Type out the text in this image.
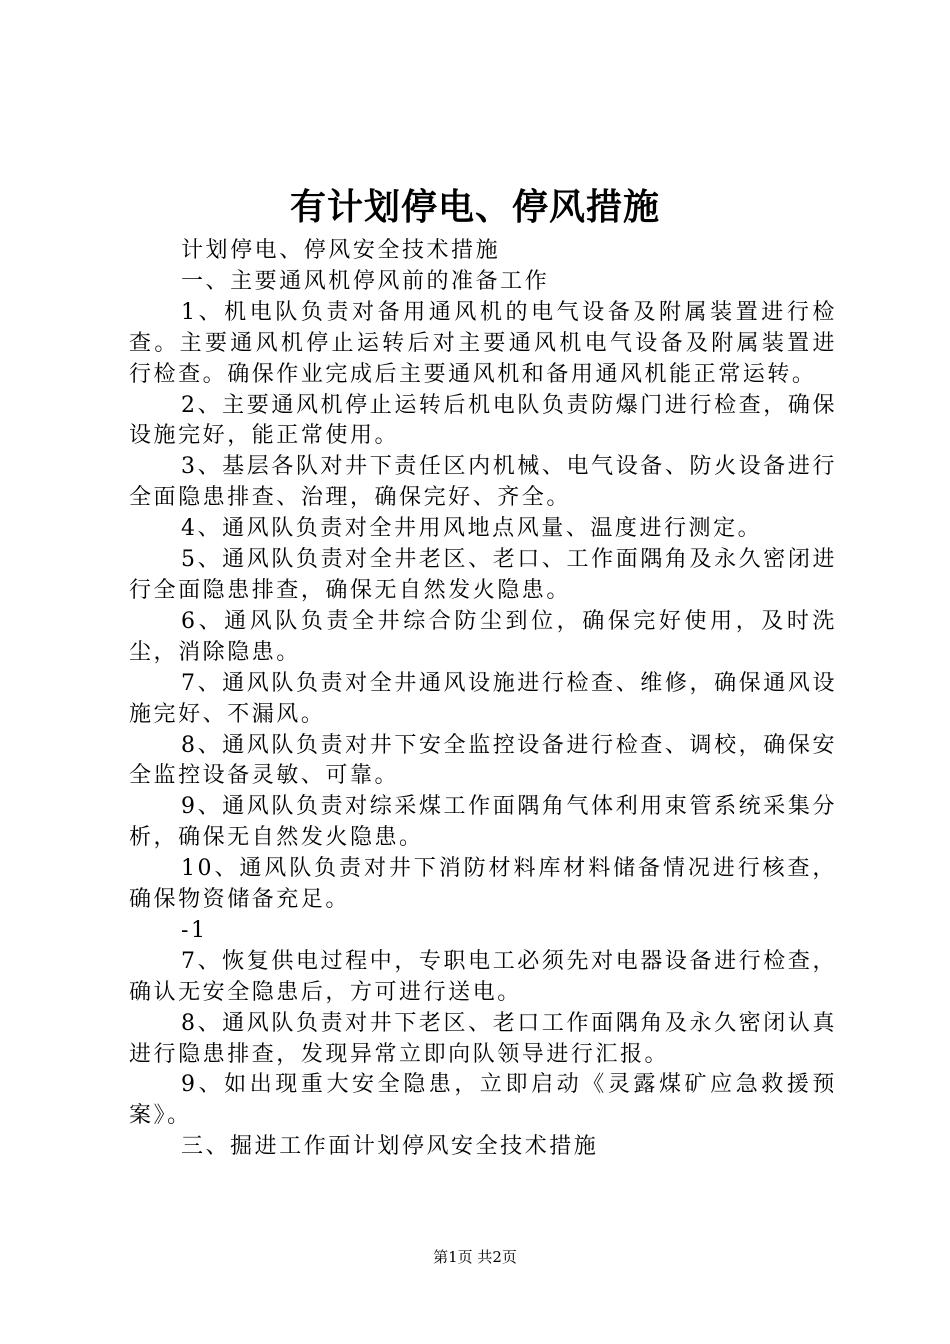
有计划停电、停风措施

计划停电、停风安全技术措施

一、主要通风机停风前的准备工作

1、机电队负责对备用通风机的电气设备及附属装置进行检查。主要通风机停止运转后对主要通风机电气设备及附属装置进行检查。确保作业完成后主要通风机和备用通风机能正常运转。

2、主要通风机停止运转后机电队负责防爆门进行检查，确保设施完好，能正常使用。

3、基层各队对井下责任区内机械、电气设备、防火设备进行全面隐患排查、治理，确保完好、齐全。

4、通风队负责对全井用风地点风量、温度进行测定。

5、通风队负责对全井老区、老口、工作面隅角及永久密闭进行全面隐患排查，确保无自然发火隐患。

6、通风队负责全井综合防尘到位，确保完好使用，及时洗尘，消除隐患。

7、通风队负责对全井通风设施进行检查、维修，确保通风设施完好、不漏风。

8、通风队负责对井下安全监控设备进行检查、调校，确保安全监控设备灵敏、可靠。

9、通风队负责对综采煤工作面隅角气体利用束管系统采集分析，确保无自然发火隐患。

10、通风队负责对井下消防材料库材料储备情况进行核查，确保物资储备充足。

-1

7、恢复供电过程中，专职电工必须先对电器设备进行检查，确认无安全隐患后，方可进行送电。

8、通风队负责对井下老区、老口工作面隅角及永久密闭认真进行隐患排查，发现异常立即向队领导进行汇报。

9、如出现重大安全隐患，立即启动《灵露煤矿应急救援预案》。

三、掘进工作面计划停风安全技术措施

第1页 共2页
